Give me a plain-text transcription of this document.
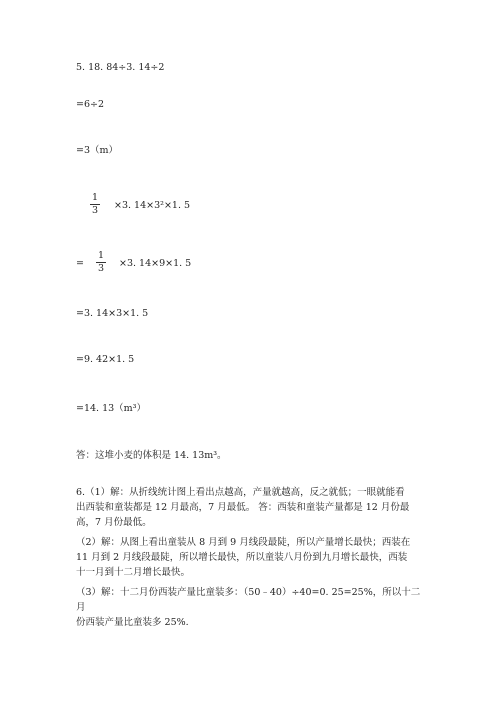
5. 18. 84÷3. 14÷2
=6÷2
=3（m）
1
3 ×3. 14×3²×1. 5
=
1
3 ×3. 14×9×1. 5
=3. 14×3×1. 5
=9. 42×1. 5
=14. 13（m³）
答：这堆小麦的体积是 14. 13m³。
6.（1）解：从折线统计图上看出点越高，产量就越高，反之就低；一眼就能看
出西装和童装都是 12 月最高，7 月最低。 答：西装和童装产量都是 12 月份最
高，7 月份最低。
（2）解：从图上看出童装从 8 月到 9 月线段最陡，所以产量增长最快；西装在
11 月到 2 月线段最陡，所以增长最快，所以童装八月份到九月增长最快，西装
十一月到十二月增长最快。
（3）解：十二月份西装产量比童装多：（50﹣40）÷40=0. 25=25%，所以十二月
份西装产量比童装多 25%.
